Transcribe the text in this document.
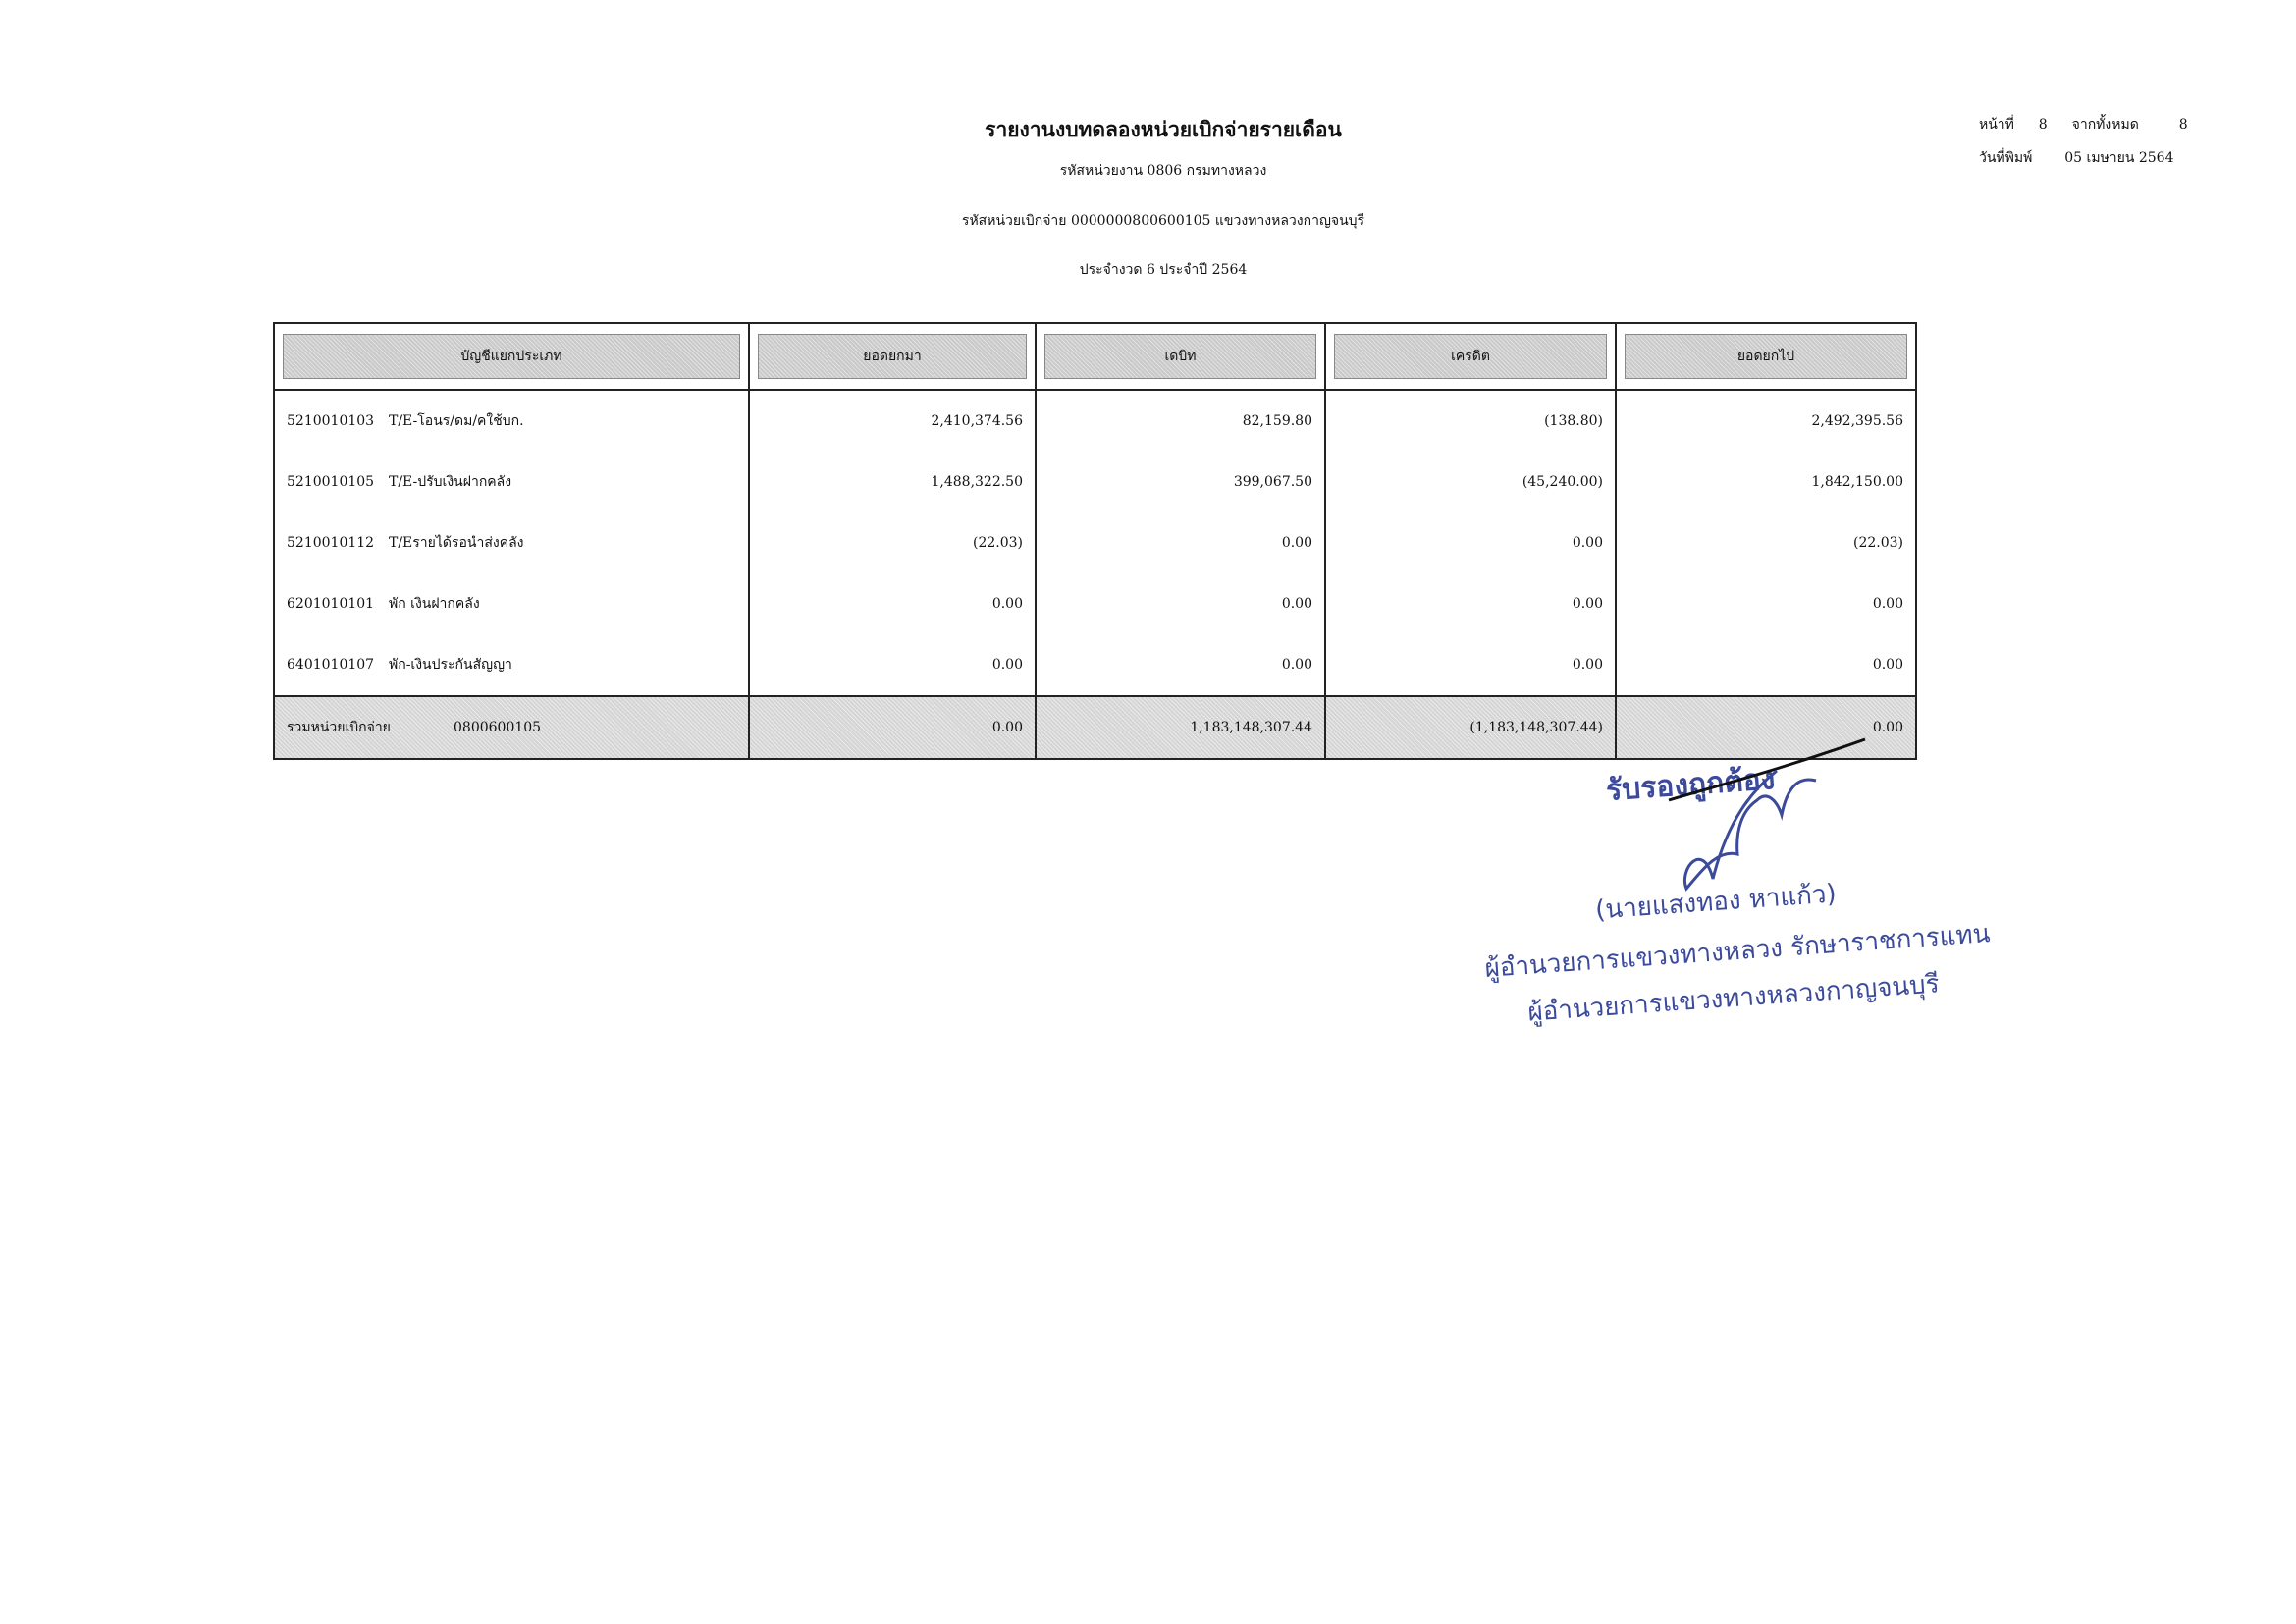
รายงานงบทดลองหน่วยเบิกจ่ายรายเดือน
รหัสหน่วยงาน 0806 กรมทางหลวง
รหัสหน่วยเบิกจ่าย 0000000800600105 แขวงทางหลวงกาญจนบุรี
ประจำงวด 6 ประจำปี 2564
หน้าที่ 8 จากทั้งหมด	8
วันที่พิมพ์ 05 เมษายน 2564
บัญชีแยกประเภท	ยอดยกมา	เดบิท	เครดิต	ยอดยกไป

5210010103 T/E-โอนร/ดม/คใช้บก.	2,410,374.56	82,159.80	(138.80)	2,492,395.56
5210010105 T/E-ปรับเงินฝากคลัง	1,488,322.50	399,067.50	(45,240.00)	1,842,150.00
5210010112 T/Eรายได้รอนำส่งคลัง	(22.03)	0.00	0.00	(22.03)
6201010101 พัก เงินฝากคลัง	0.00	0.00	0.00	0.00
6401010107 พัก-เงินประกันสัญญา	0.00	0.00	0.00	0.00
รวมหน่วยเบิกจ่าย 0800600105	0.00	1,183,148,307.44	(1,183,148,307.44)	0.00
รับรองถูกต้อง
(นายแสงทอง หาแก้ว)
ผู้อำนวยการแขวงทางหลวง รักษาราชการแทน
ผู้อำนวยการแขวงทางหลวงกาญจนบุรี
